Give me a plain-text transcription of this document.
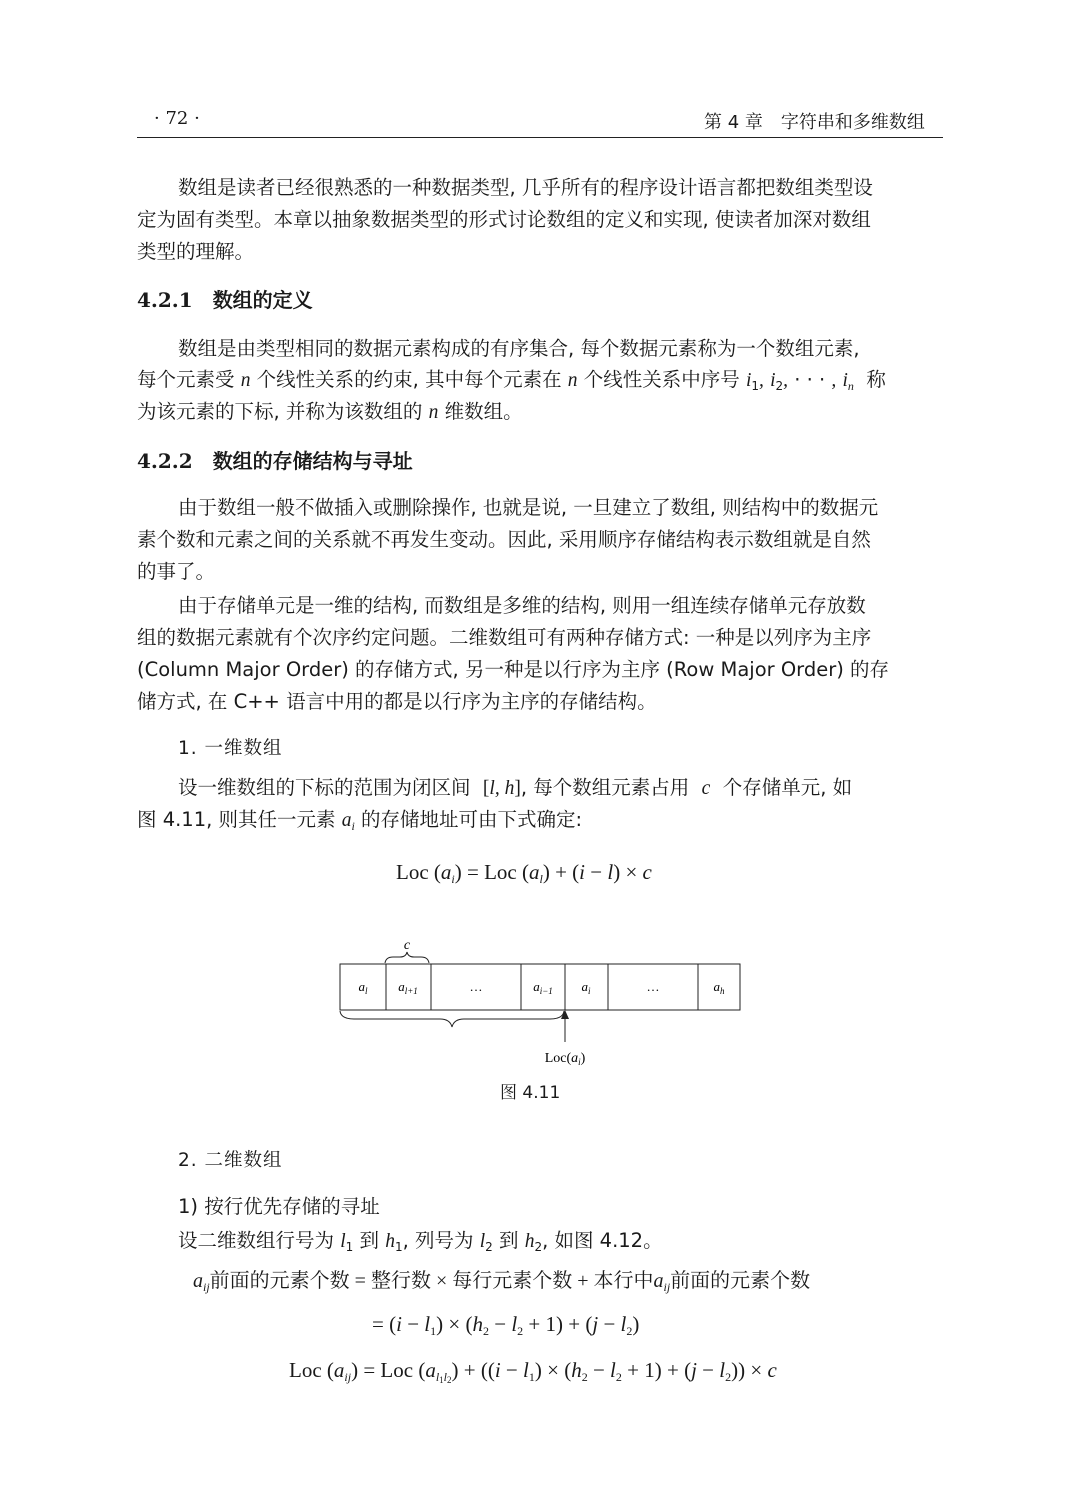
· 72 ·	第 4 章 字符串和多维数组
数组是读者已经很熟悉的一种数据类型, 几乎所有的程序设计语言都把数组类型设
定为固有类型。本章以抽象数据类型的形式讨论数组的定义和实现, 使读者加深对数组
类型的理解。
4.2.1 数组的定义
数组是由类型相同的数据元素构成的有序集合, 每个数据元素称为一个数组元素,
每个元素受 n 个线性关系的约束, 其中每个元素在 n 个线性关系中序号 $i_1$, $i_2$, · · · , $i_n$ 称
为该元素的下标, 并称为该数组的 n 维数组。
4.2.2 数组的存储结构与寻址
由于数组一般不做插入或删除操作, 也就是说, 一旦建立了数组, 则结构中的数据元
素个数和元素之间的关系就不再发生变动。因此, 采用顺序存储结构表示数组就是自然
的事了。
由于存储单元是一维的结构, 而数组是多维的结构, 则用一组连续存储单元存放数
组的数据元素就有个次序约定问题。二维数组可有两种存储方式: 一种是以列序为主序
(Column Major Order) 的存储方式, 另一种是以行序为主序 (Row Major Order) 的存
储方式, 在 C++ 语言中用的都是以行序为主序的存储结构。
1. 一维数组
设一维数组的下标的范围为闭区间 [l, h], 每个数组元素占用 c 个存储单元, 如
图 4.11, 则其任一元素 $a_i$ 的存储地址可由下式确定:
Loc $(a_i)$ = Loc $(a_l) + (i - l) \times c$
c
$a_l$ $a_{l+1}$	…	$a_{i-1}$ $a_i$	…	$a_h$
$Loc(a_i)$
图 4.11
2. 二维数组
1) 按行优先存储的寻址
设二维数组行号为 $l_1$ 到 $h_1$, 列号为 $l_2$ 到 $h_2$, 如图 4.12。
$a_{ij}$前面的元素个数 = 整行数 × 每行元素个数 + 本行中$a_{ij}$前面的元素个数
= $(i - l_1) \times (h_2 - l_2 + 1) + (j - l_2)$
Loc $(a_{ij})$ = Loc $(a_{l_1l_2}) + ((i - l_1) \times (h_2 - l_2 + 1) + (j - l_2)) \times c$
